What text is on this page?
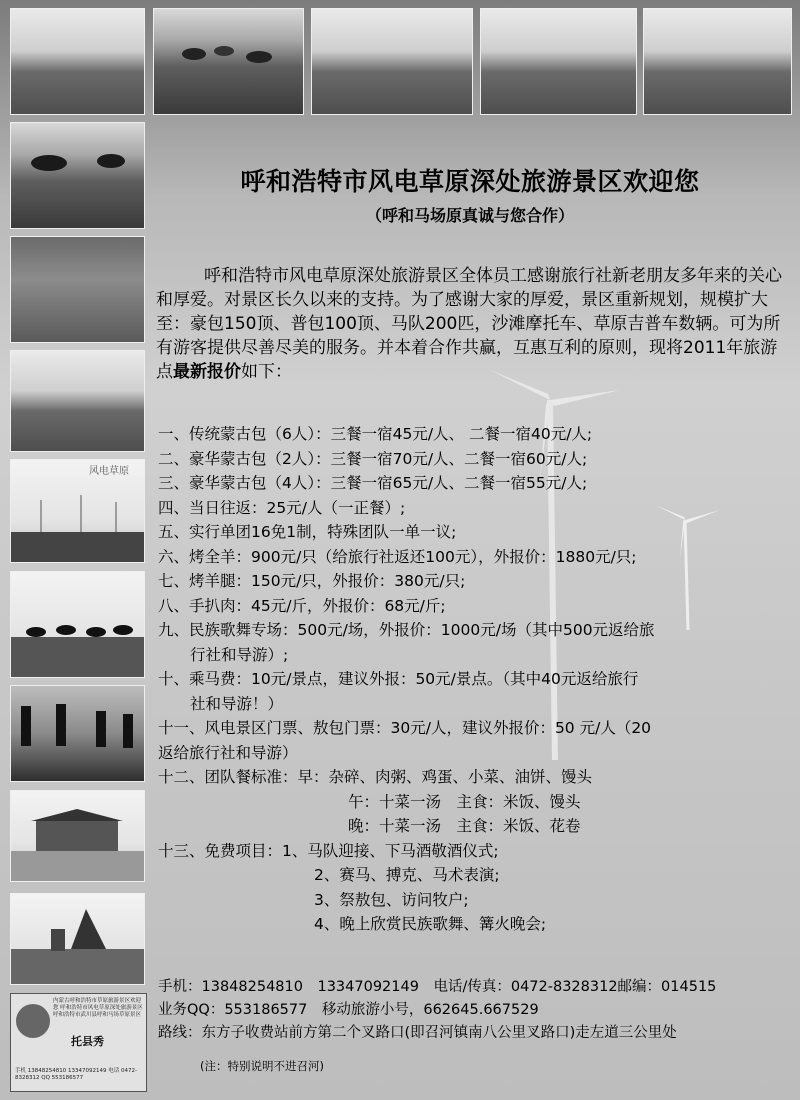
风电草原
内蒙古呼和浩特市草原旅游景区欢迎您 呼和浩特市风电草原深处旅游景区 呼和浩特市武川县呼和马场草原景区
托县秀
手机 13848254810 13347092149 电话 0472-8328312 QQ 553186577
呼和浩特市风电草原深处旅游景区欢迎您
（呼和马场原真诚与您合作）
呼和浩特市风电草原深处旅游景区全体员工感谢旅行社新老朋友多年来的关心和厚爱。对景区长久以来的支持。为了感谢大家的厚爱，景区重新规划，规模扩大至：豪包150顶、普包100顶、马队200匹，沙滩摩托车、草原吉普车数辆。可为所有游客提供尽善尽美的服务。并本着合作共赢，互惠互利的原则，现将2011年旅游点最新报价如下：
一、传统蒙古包（6人）：三餐一宿45元/人、 二餐一宿40元/人;
二、豪华蒙古包（2人）：三餐一宿70元/人、二餐一宿60元/人;
三、豪华蒙古包（4人）：三餐一宿65元/人、二餐一宿55元/人;
四、当日往返：25元/人（一正餐）;
五、实行单团16免1制，特殊团队一单一议;
六、烤全羊：900元/只（给旅行社返还100元），外报价：1880元/只;
七、烤羊腿：150元/只，外报价：380元/只;
八、手扒肉：45元/斤，外报价：68元/斤;
九、民族歌舞专场：500元/场，外报价：1000元/场（其中500元返给旅
行社和导游）;
十、乘马费：10元/景点，建议外报：50元/景点。（其中40元返给旅行
社和导游！）
十一、风电景区门票、敖包门票：30元/人，建议外报价：50 元/人（20
返给旅行社和导游）
十二、团队餐标准：早：杂碎、肉粥、鸡蛋、小菜、油饼、馒头
午：十菜一汤　主食：米饭、馒头
晚：十菜一汤　主食：米饭、花卷
十三、免费项目：1、马队迎接、下马酒敬酒仪式;
2、赛马、搏克、马术表演;
3、祭敖包、访问牧户;
4、晚上欣赏民族歌舞、篝火晚会;
手机：13848254810　13347092149　电话/传真：0472-8328312邮编：014515
业务QQ：553186577　移动旅游小号，662645.667529
路线：东方子收费站前方第二个叉路口(即召河镇南八公里叉路口)走左道三公里处
(注：特别说明不进召河)
